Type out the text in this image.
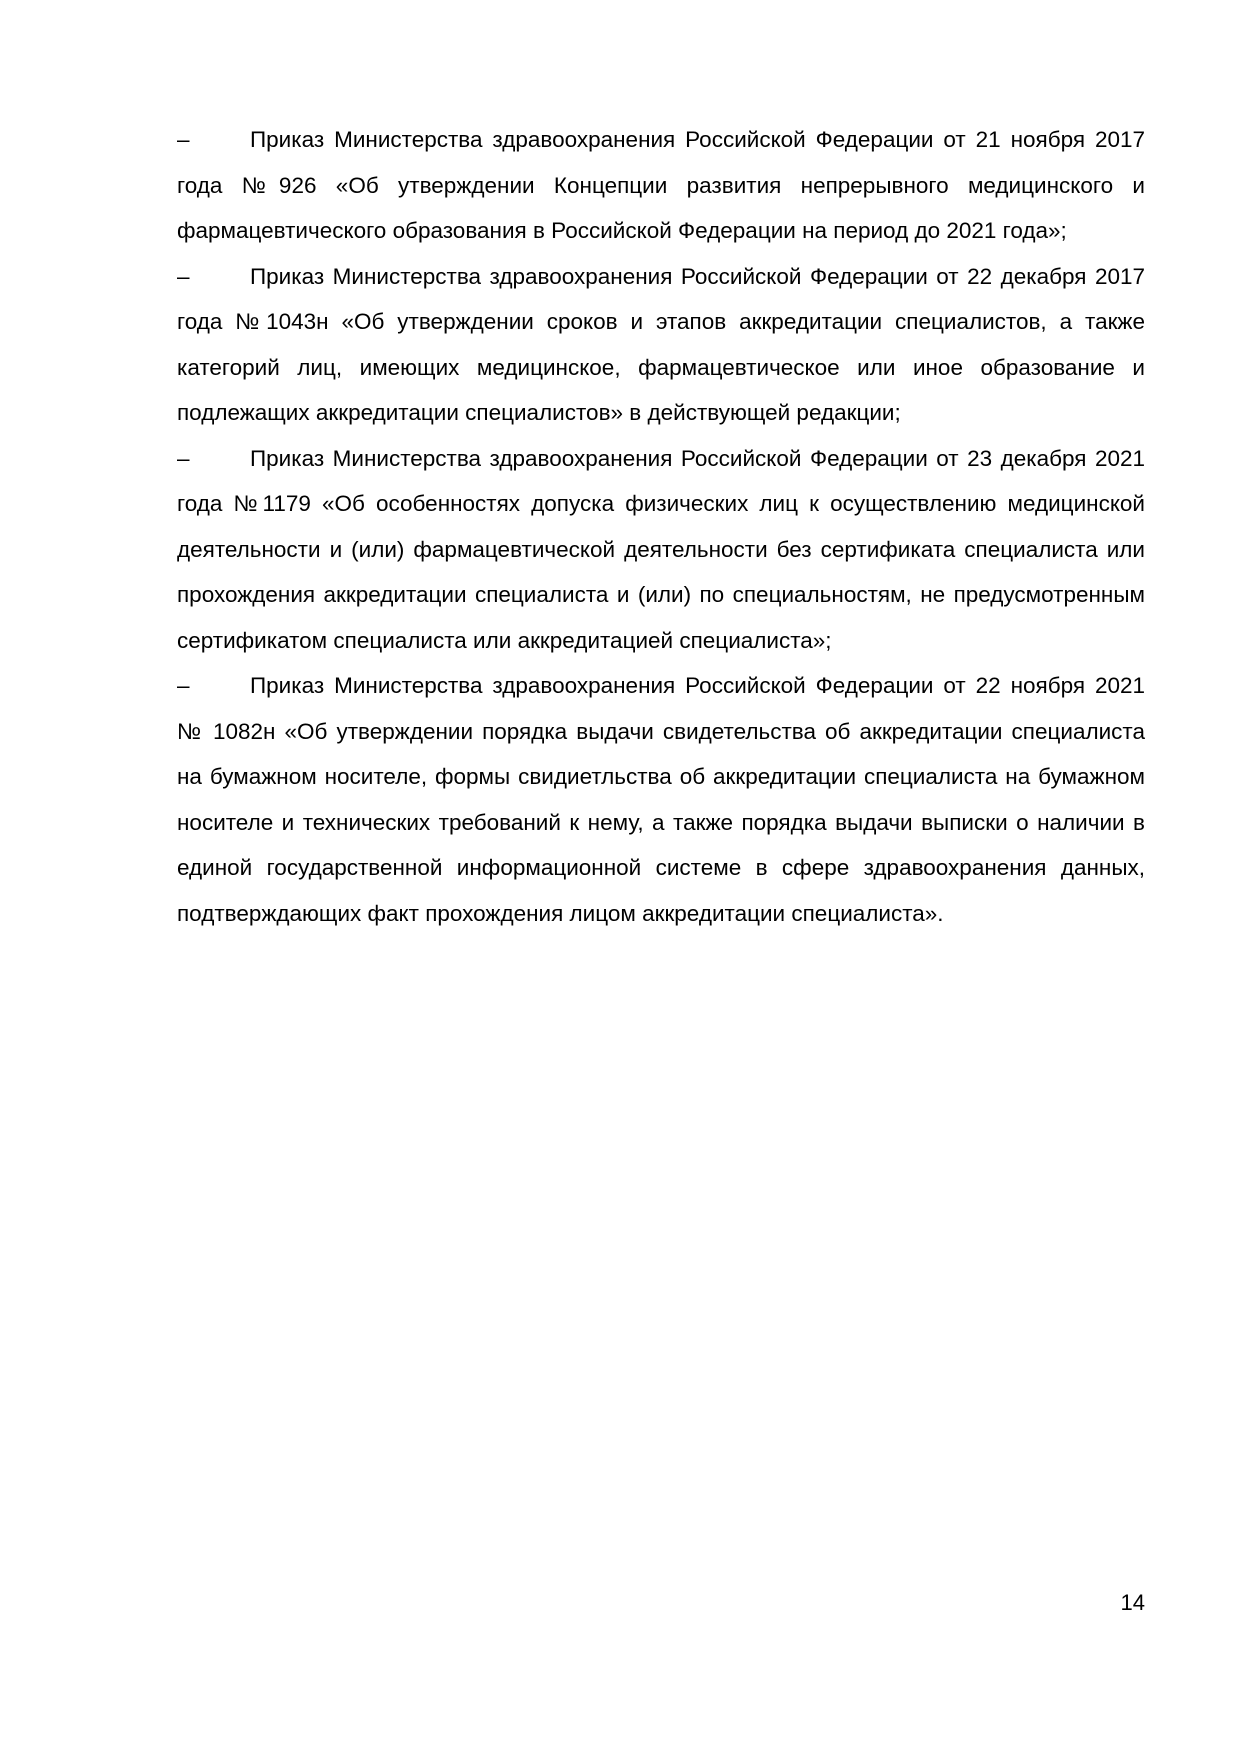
–	Приказ Министерства здравоохранения Российской Федерации от 21 ноября 2017 года №926 «Об утверждении Концепции развития непрерывного медицинского и фармацевтического образования в Российской Федерации на период до 2021 года»;

–	Приказ Министерства здравоохранения Российской Федерации от 22 декабря 2017 года №1043н «Об утверждении сроков и этапов аккредитации специалистов, а также категорий лиц, имеющих медицинское, фармацевтическое или иное образование и подлежащих аккредитации специалистов» в действующей редакции;

–	Приказ Министерства здравоохранения Российской Федерации от 23 декабря 2021 года №1179 «Об особенностях допуска физических лиц к осуществлению медицинской деятельности и (или) фармацевтической деятельности без сертификата специалиста или прохождения аккредитации специалиста и (или) по специальностям, не предусмотренным сертификатом специалиста или аккредитацией специалиста»;

–	Приказ Министерства здравоохранения Российской Федерации от 22 ноября 2021 № 1082н «Об утверждении порядка выдачи свидетельства об аккредитации специалиста на бумажном носителе, формы свидиетльства об аккредитации специалиста на бумажном носителе и технических требований к нему, а также порядка выдачи выписки о наличии в единой государственной информационной системе в сфере здравоохранения данных, подтверждающих факт прохождения лицом аккредитации специалиста».

14
